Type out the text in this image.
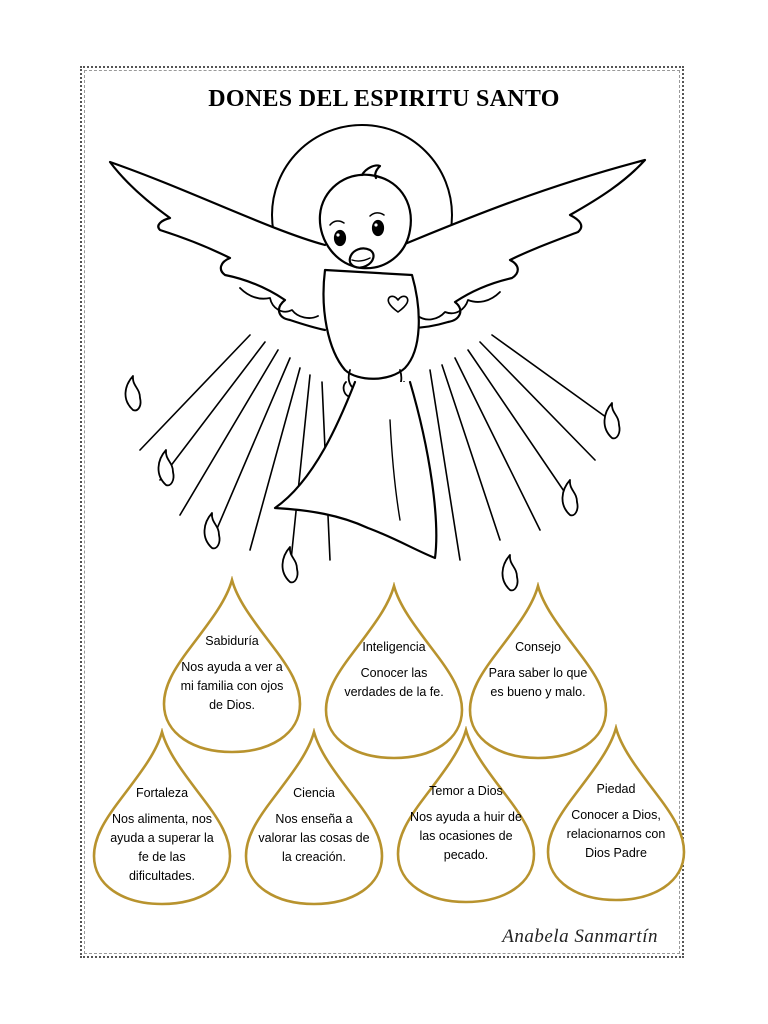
DONES DEL ESPIRITU SANTO
Sabiduría
Nos ayuda a ver a mi familia con ojos de Dios.
Inteligencia
Conocer las verdades de la fe.
Consejo
Para saber lo que es bueno y malo.
Fortaleza
Nos alimenta, nos ayuda a superar la fe de las dificultades.
Ciencia
Nos enseña a valorar las cosas de la creación.
Temor a Dios
Nos ayuda a huir de las ocasiones de pecado.
Piedad
Conocer a Dios, relacionarnos con Dios Padre
Anabela Sanmartín
